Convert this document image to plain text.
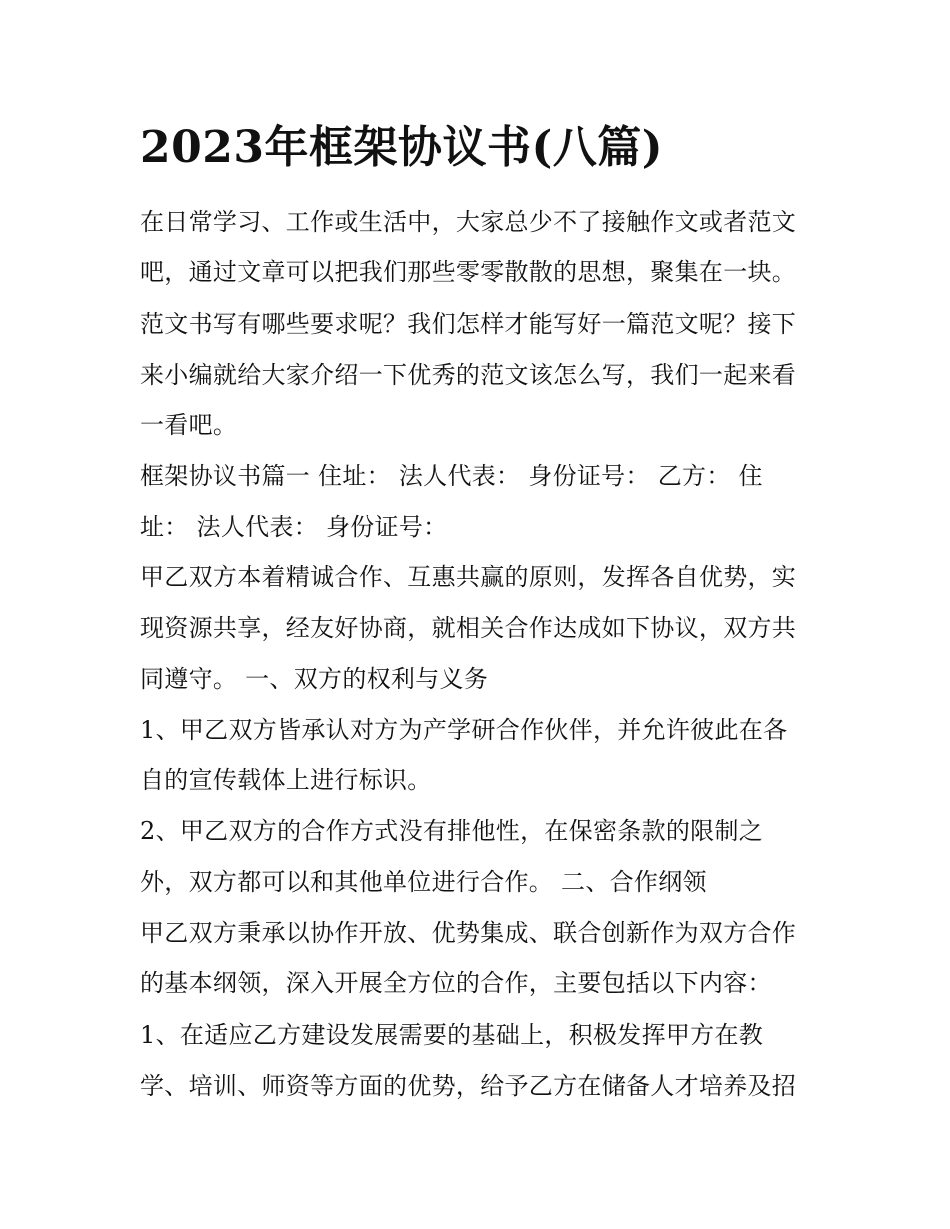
2023年框架协议书(八篇)

在日常学习、工作或生活中，大家总少不了接触作文或者范文

吧，通过文章可以把我们那些零零散散的思想，聚集在一块。

范文书写有哪些要求呢？我们怎样才能写好一篇范文呢？接下

来小编就给大家介绍一下优秀的范文该怎么写，我们一起来看

一看吧。

框架协议书篇一 住址： 法人代表： 身份证号： 乙方： 住

址： 法人代表： 身份证号：

甲乙双方本着精诚合作、互惠共赢的原则，发挥各自优势，实

现资源共享，经友好协商，就相关合作达成如下协议，双方共

同遵守。 一、双方的权利与义务

1、甲乙双方皆承认对方为产学研合作伙伴，并允许彼此在各

自的宣传载体上进行标识。

2、甲乙双方的合作方式没有排他性，在保密条款的限制之

外，双方都可以和其他单位进行合作。 二、合作纲领

甲乙双方秉承以协作开放、优势集成、联合创新作为双方合作

的基本纲领，深入开展全方位的合作，主要包括以下内容：

1、在适应乙方建设发展需要的基础上，积极发挥甲方在教

学、培训、师资等方面的优势，给予乙方在储备人才培养及招
